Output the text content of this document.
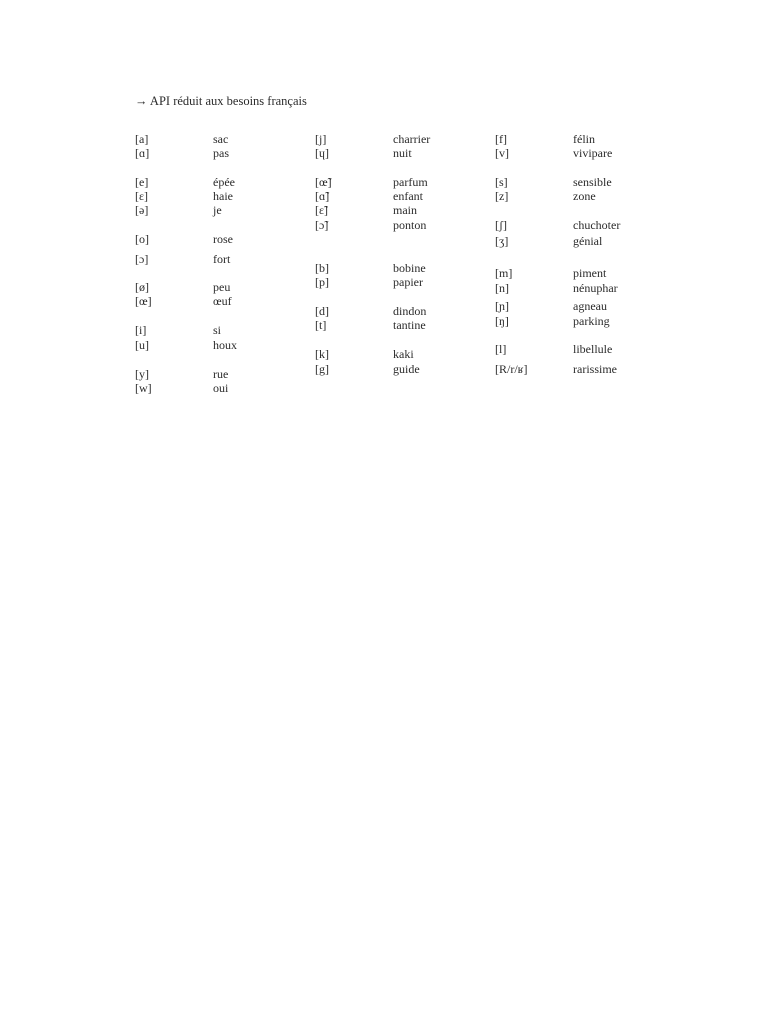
→ API réduit aux besoins français
[a]	sac
[ɑ]	pas
[e]	épée
[ɛ]	haie
[ə]	je
[o]	rose
[ɔ]	fort
[ø]	peu
[œ]	œuf
[i]	si
[u]	houx
[y]	rue
[w]	oui
[j]	charrier
[ɥ]	nuit
[œ̃]	parfum
[ɑ̃]	enfant
[ɛ̃]	main
[ɔ̃]	ponton
[b]	bobine
[p]	papier
[d]	dindon
[t]	tantine
[k]	kaki
[g]	guide
[f]	félin
[v]	vivipare
[s]	sensible
[z]	zone
[ʃ]	chuchoter
[ʒ]	génial
[m]	piment
[n]	nénuphar
[ɲ]	agneau
[ŋ]	parking
[l]	libellule
[R/r/ʁ]	rarissime
